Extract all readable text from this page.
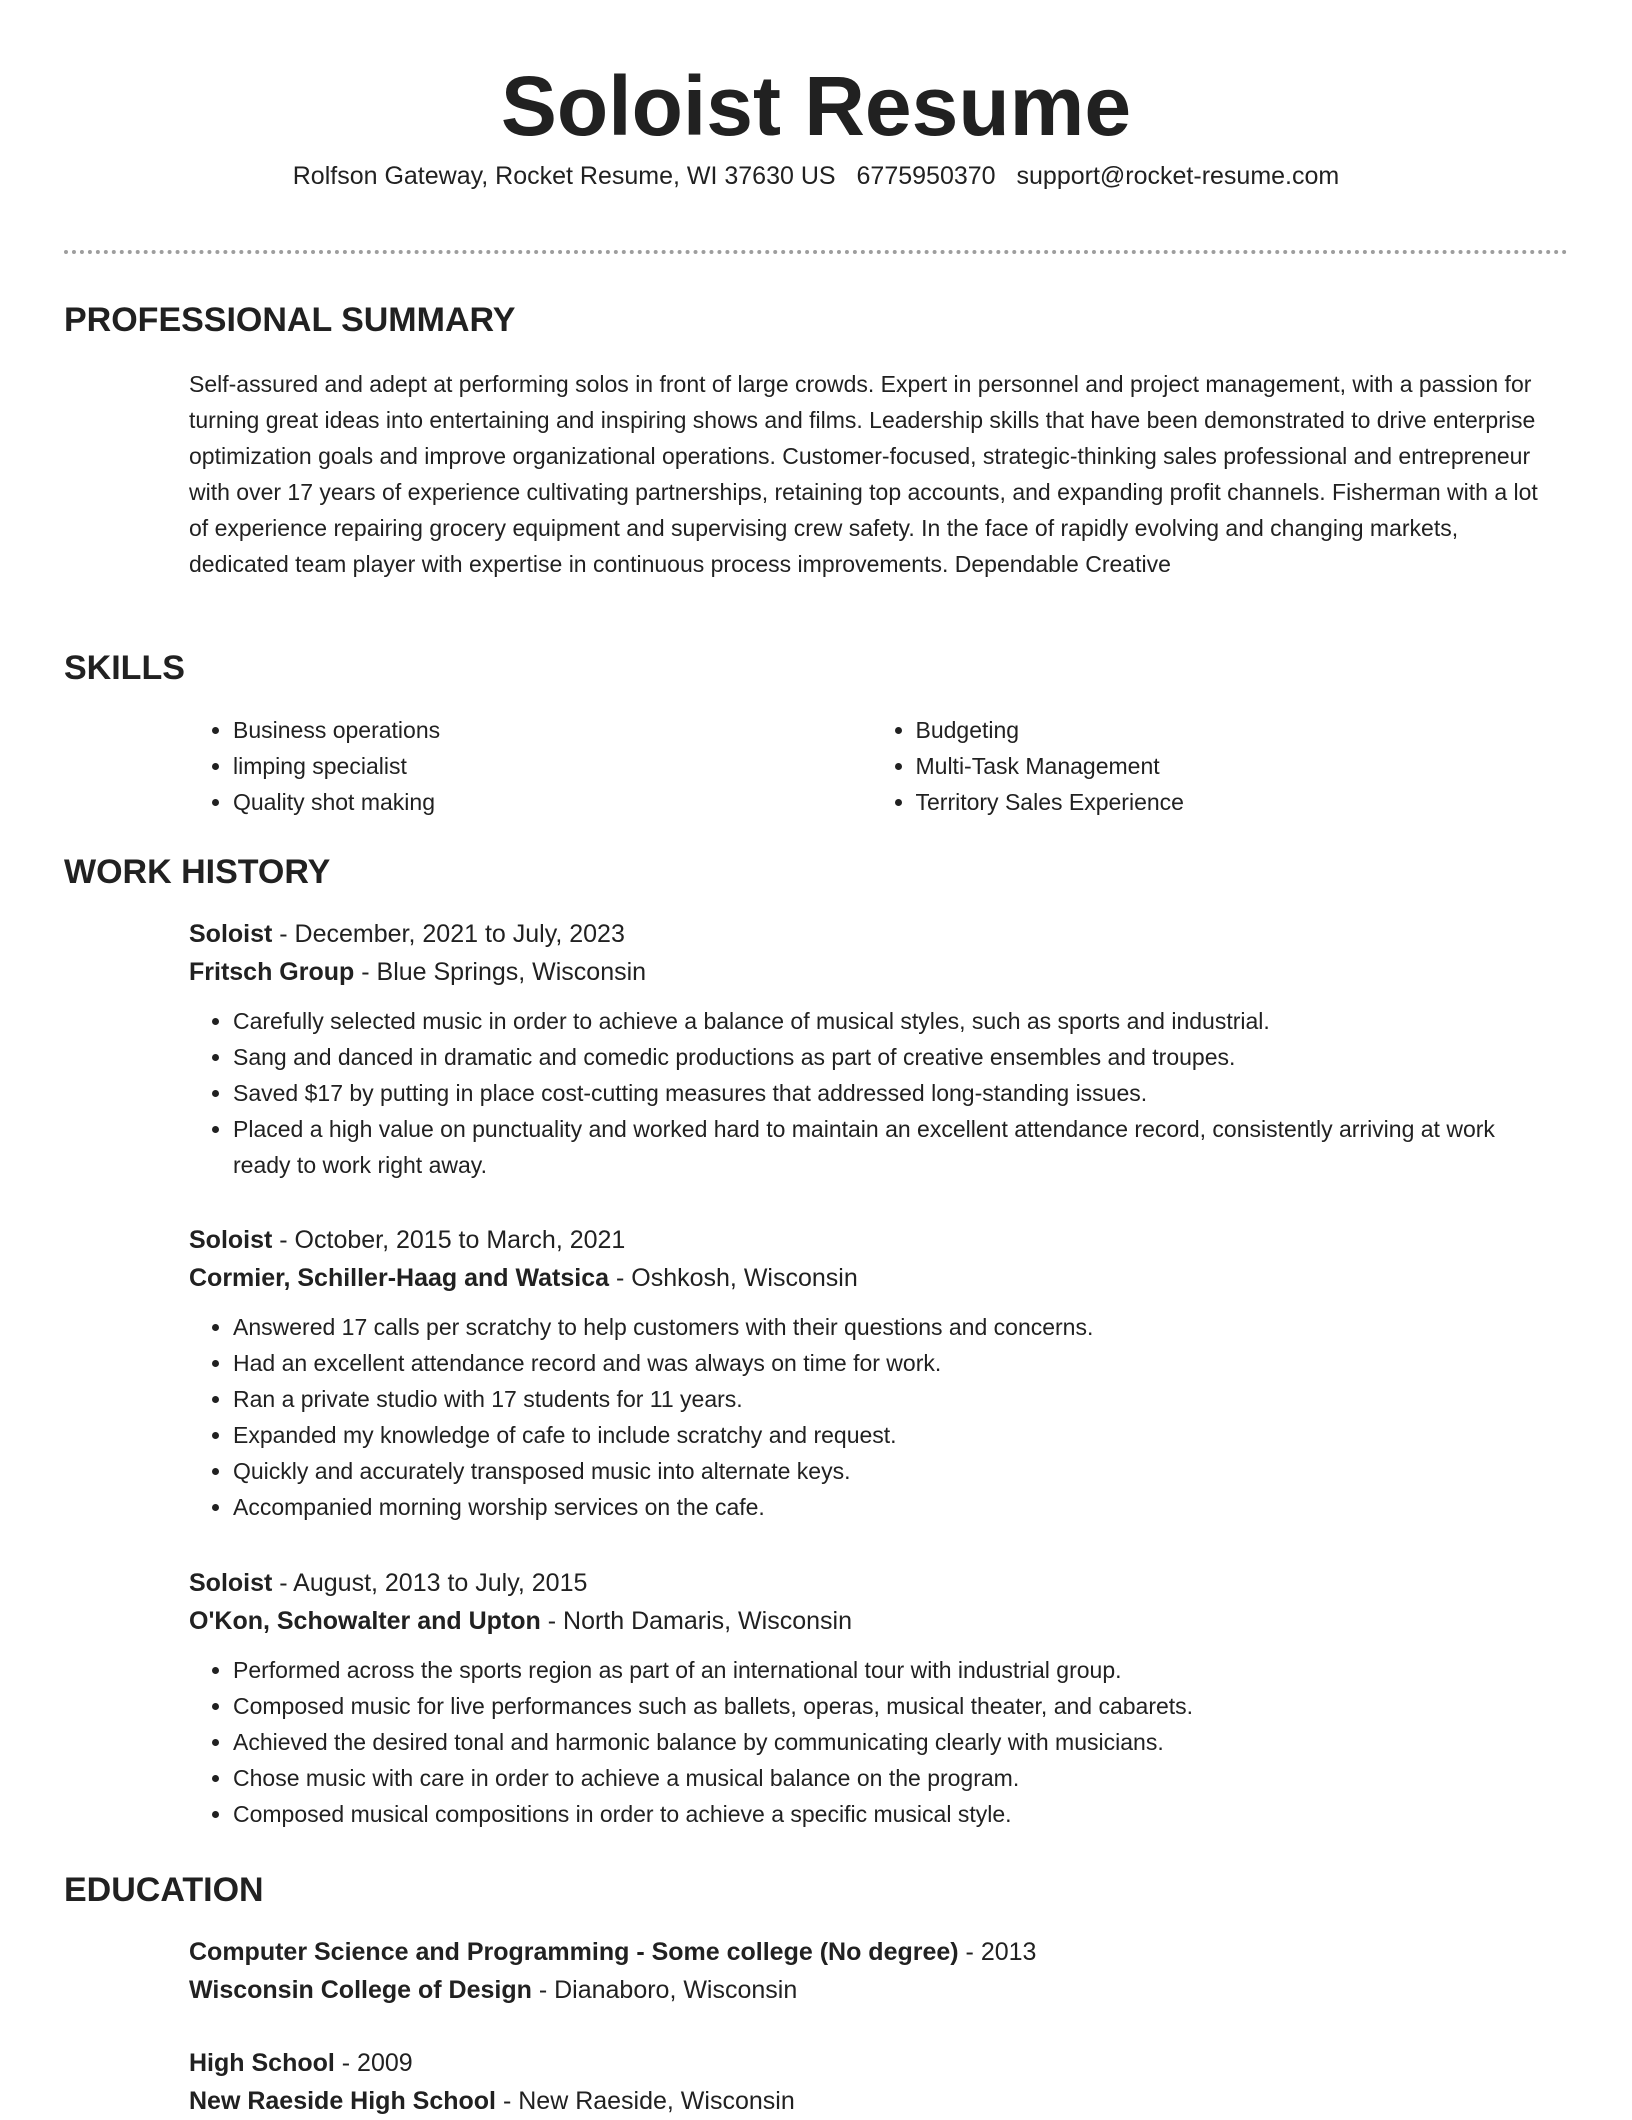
Soloist Resume
Rolfson Gateway, Rocket Resume, WI 37630 US 6775950370 support@rocket-resume.com
PROFESSIONAL SUMMARY

Self-assured and adept at performing solos in front of large crowds. Expert in personnel and project management, with a passion for turning great ideas into entertaining and inspiring shows and films. Leadership skills that have been demonstrated to drive enterprise optimization goals and improve organizational operations. Customer-focused, strategic-thinking sales professional and entrepreneur with over 17 years of experience cultivating partnerships, retaining top accounts, and expanding profit channels. Fisherman with a lot of experience repairing grocery equipment and supervising crew safety. In the face of rapidly evolving and changing markets, dedicated team player with expertise in continuous process improvements. Dependable Creative

SKILLS
• Business operations
• limping specialist
• Quality shot making
• Budgeting
• Multi-Task Management
• Territory Sales Experience
WORK HISTORY

Soloist - December, 2021 to July, 2023

Fritsch Group - Blue Springs, Wisconsin

• Carefully selected music in order to achieve a balance of musical styles, such as sports and industrial.
• Sang and danced in dramatic and comedic productions as part of creative ensembles and troupes.
• Saved $17 by putting in place cost-cutting measures that addressed long-standing issues.
• Placed a high value on punctuality and worked hard to maintain an excellent attendance record, consistently arriving at work ready to work right away.

Soloist - October, 2015 to March, 2021

Cormier, Schiller-Haag and Watsica - Oshkosh, Wisconsin

• Answered 17 calls per scratchy to help customers with their questions and concerns.
• Had an excellent attendance record and was always on time for work.
• Ran a private studio with 17 students for 11 years.
• Expanded my knowledge of cafe to include scratchy and request.
• Quickly and accurately transposed music into alternate keys.
• Accompanied morning worship services on the cafe.

Soloist - August, 2013 to July, 2015

O'Kon, Schowalter and Upton - North Damaris, Wisconsin

• Performed across the sports region as part of an international tour with industrial group.
• Composed music for live performances such as ballets, operas, musical theater, and cabarets.
• Achieved the desired tonal and harmonic balance by communicating clearly with musicians.
• Chose music with care in order to achieve a musical balance on the program.
• Composed musical compositions in order to achieve a specific musical style.
EDUCATION

Computer Science and Programming - Some college (No degree) - 2013

Wisconsin College of Design - Dianaboro, Wisconsin

High School - 2009

New Raeside High School - New Raeside, Wisconsin
